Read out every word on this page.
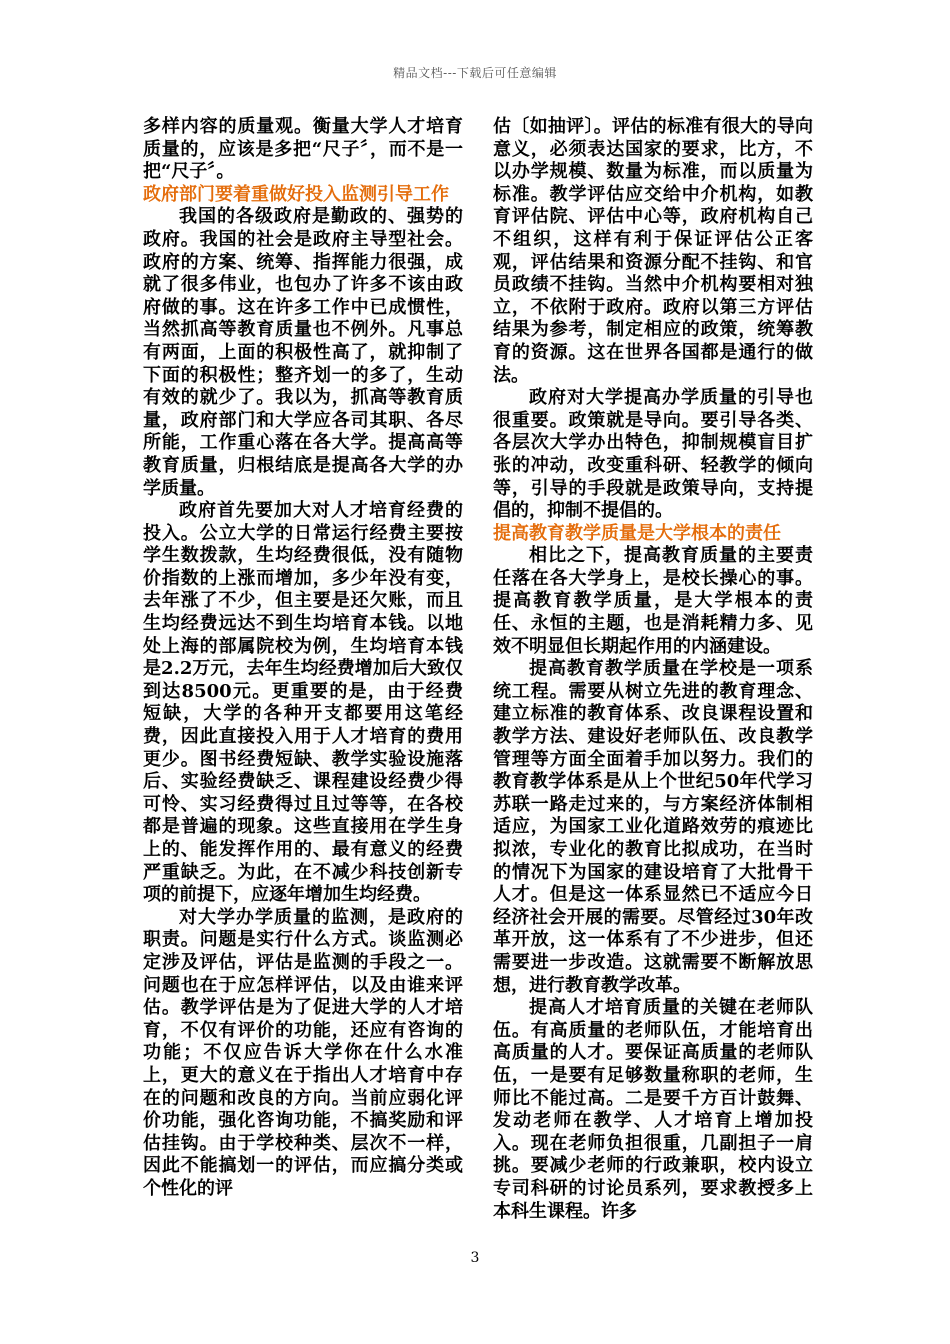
精品文档---下载后可任意编辑

多样内容的质量观。衡量大学人才培育质量的，应该是多把“尺子〞，而不是一把“尺子〞。

政府部门要着重做好投入监测引导工作

我国的各级政府是勤政的、强势的政府。我国的社会是政府主导型社会。政府的方案、统筹、指挥能力很强，成就了很多伟业，也包办了许多不该由政府做的事。这在许多工作中已成惯性，当然抓高等教育质量也不例外。凡事总有两面，上面的积极性高了，就抑制了下面的积极性；整齐划一的多了，生动有效的就少了。我以为，抓高等教育质量，政府部门和大学应各司其职、各尽所能，工作重心落在各大学。提高高等教育质量，归根结底是提高各大学的办学质量。

政府首先要加大对人才培育经费的投入。公立大学的日常运行经费主要按学生数拨款，生均经费很低，没有随物价指数的上涨而增加，多少年没有变，去年涨了不少，但主要是还欠账，而且生均经费远达不到生均培育本钱。以地处上海的部属院校为例，生均培育本钱是2.2万元，去年生均经费增加后大致仅到达8500元。更重要的是，由于经费短缺，大学的各种开支都要用这笔经费，因此直接投入用于人才培育的费用更少。图书经费短缺、教学实验设施落后、实验经费缺乏、课程建设经费少得可怜、实习经费得过且过等等，在各校都是普遍的现象。这些直接用在学生身上的、能发挥作用的、最有意义的经费严重缺乏。为此，在不减少科技创新专项的前提下，应逐年增加生均经费。

对大学办学质量的监测，是政府的职责。问题是实行什么方式。谈监测必定涉及评估，评估是监测的手段之一。问题也在于应怎样评估，以及由谁来评估。教学评估是为了促进大学的人才培育，不仅有评价的功能，还应有咨询的功能；不仅应告诉大学你在什么水准上，更大的意义在于指出人才培育中存在的问题和改良的方向。当前应弱化评价功能，强化咨询功能，不搞奖励和评估挂钩。由于学校种类、层次不一样，因此不能搞划一的评估，而应搞分类或个性化的评

估〔如抽评〕。评估的标准有很大的导向意义，必须表达国家的要求，比方，不以办学规模、数量为标准，而以质量为标准。教学评估应交给中介机构，如教育评估院、评估中心等，政府机构自己不组织，这样有利于保证评估公正客观，评估结果和资源分配不挂钩、和官员政绩不挂钩。当然中介机构要相对独立，不依附于政府。政府以第三方评估结果为参考，制定相应的政策，统筹教育的资源。这在世界各国都是通行的做法。

政府对大学提高办学质量的引导也很重要。政策就是导向。要引导各类、各层次大学办出特色，抑制规模盲目扩张的冲动，改变重科研、轻教学的倾向等，引导的手段就是政策导向，支持提倡的，抑制不提倡的。

提高教育教学质量是大学根本的责任

相比之下，提高教育质量的主要责任落在各大学身上，是校长操心的事。提高教育教学质量，是大学根本的责任、永恒的主题，也是消耗精力多、见效不明显但长期起作用的内涵建设。

提高教育教学质量在学校是一项系统工程。需要从树立先进的教育理念、建立标准的教育体系、改良课程设置和教学方法、建设好老师队伍、改良教学管理等方面全面着手加以努力。我们的教育教学体系是从上个世纪50年代学习苏联一路走过来的，与方案经济体制相适应，为国家工业化道路效劳的痕迹比拟浓，专业化的教育比拟成功，在当时的情况下为国家的建设培育了大批骨干人才。但是这一体系显然已不适应今日经济社会开展的需要。尽管经过30年改革开放，这一体系有了不少进步，但还需要进一步改造。这就需要不断解放思想，进行教育教学改革。

提高人才培育质量的关键在老师队伍。有高质量的老师队伍，才能培育出高质量的人才。要保证高质量的老师队伍，一是要有足够数量称职的老师，生师比不能过高。二是要千方百计鼓舞、发动老师在教学、人才培育上增加投入。现在老师负担很重，几副担子一肩挑。要减少老师的行政兼职，校内设立专司科研的讨论员系列，要求教授多上本科生课程。许多

3
